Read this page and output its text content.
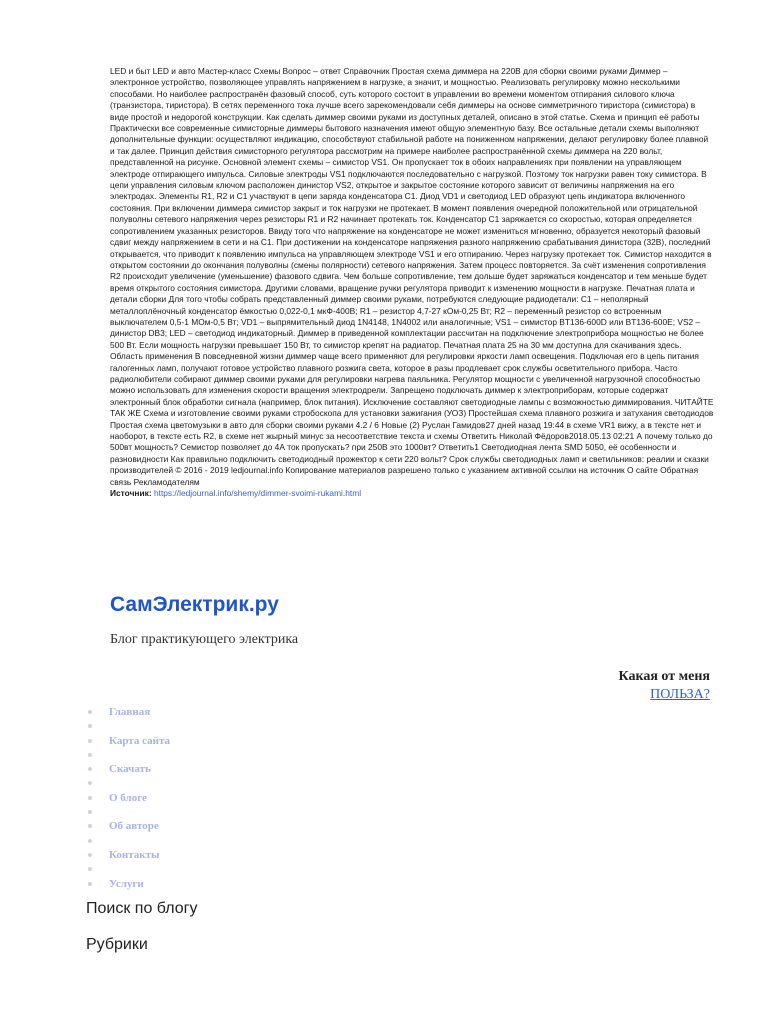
LED и быт LED и авто Мастер-класс Схемы Вопрос – ответ Справочник Простая схема диммера на 220В для сборки своими руками Диммер – электронное устройство, позволяющее управлять напряжением в нагрузке, а значит, и мощностью. Реализовать регулировку можно несколькими способами. Но наиболее распространён фазовый способ, суть которого состоит в управлении во времени моментом отпирания силового ключа (транзистора, тиристора). В сетях переменного тока лучше всего зарекомендовали себя диммеры на основе симметричного тиристора (симистора) в виде простой и недорогой конструкции. Как сделать диммер своими руками из доступных деталей, описано в этой статье. Схема и принцип её работы Практически все современные симисторные диммеры бытового назначения имеют общую элементную базу. Все остальные детали схемы выполняют дополнительные функции: осуществляют индикацию, способствуют стабильной работе на пониженном напряжении, делают регулировку более плавной и так далее. Принцип действия симисторного регулятора рассмотрим на примере наиболее распространённой схемы диммера на 220 вольт, представленной на рисунке. Основной элемент схемы – симистор VS1. Он пропускает ток в обоих направлениях при появлении на управляющем электроде отпирающего импульса. Силовые электроды VS1 подключаются последовательно с нагрузкой. Поэтому ток нагрузки равен току симистора. В цепи управления силовым ключом расположен динистор VS2, открытое и закрытое состояние которого зависит от величины напряжения на его электродах. Элементы R1, R2 и C1 участвуют в цепи заряда конденсатора C1. Диод VD1 и светодиод LED образуют цепь индикатора включенного состояния. При включении диммера симистор закрыт и ток нагрузки не протекает. В момент появления очередной положительной или отрицательной полуволны сетевого напряжения через резисторы R1 и R2 начинает протекать ток. Конденсатор C1 заряжается со скоростью, которая определяется сопротивлением указанных резисторов. Ввиду того что напряжение на конденсаторе не может измениться мгновенно, образуется некоторый фазовый сдвиг между напряжением в сети и на C1. При достижении на конденсаторе напряжения разного напряжению срабатывания динистора (32В), последний открывается, что приводит к появлению импульса на управляющем электроде VS1 и его отпиранию. Через нагрузку протекает ток. Симистор находится в открытом состоянии до окончания полуволны (смены полярности) сетевого напряжения. Затем процесс повторяется. За счёт изменения сопротивления R2 происходит увеличение (уменьшение) фазового сдвига. Чем больше сопротивление, тем дольше будет заряжаться конденсатор и тем меньше будет время открытого состояния симистора. Другими словами, вращение ручки регулятора приводит к изменению мощности в нагрузке. Печатная плата и детали сборки Для того чтобы собрать представленный диммер своими руками, потребуются следующие радиодетали: C1 – неполярный металлоплёночный конденсатор ёмкостью 0,022-0,1 мкФ-400В; R1 – резистор 4,7-27 кОм-0,25 Вт; R2 – переменный резистор со встроенным выключателем 0,5-1 МОм-0,5 Вт; VD1 – выпрямительный диод 1N4148, 1N4002 или аналогичные; VS1 – симистор BT136-600D или BT136-600E; VS2 – динистор DB3; LED – светодиод индикаторный. Диммер в приведенной комплектации рассчитан на подключение электроприбора мощностью не более 500 Вт. Если мощность нагрузки превышает 150 Вт, то симистор крепят на радиатор. Печатная плата 25 на 30 мм доступна для скачивания здесь. Область применения В повседневной жизни диммер чаще всего применяют для регулировки яркости ламп освещения. Подключая его в цепь питания галогенных ламп, получают готовое устройство плавного розжига света, которое в разы продлевает срок службы осветительного прибора. Часто радиолюбители собирают диммер своими руками для регулировки нагрева паяльника. Регулятор мощности с увеличенной нагрузочной способностью можно использовать для изменения скорости вращения электродрели. Запрещено подключать диммер к электроприборам, которые содержат электронный блок обработки сигнала (например, блок питания). Исключение составляют светодиодные лампы с возможностью диммирования. ЧИТАЙТЕ ТАК ЖЕ Схема и изготовление своими руками стробоскопа для установки зажигания (УОЗ) Простейшая схема плавного розжига и затухания светодиодов Простая схема цветомузыки в авто для сборки своими руками 4.2 / 6 Новые (2) Руслан Гамидов27 дней назад 19:44 в схеме VR1 вижу, а в тексте нет и наоборот, в тексте есть R2, в схеме нет жырный минус за несоответствие текста и схемы Ответить Николай Фёдоров2018.05.13 02:21 А почему только до 500вт мощность? Семистор позволяет до 4А ток пропускать? при 250В это 1000вт? Ответить1 Светодиодная лента SMD 5050, её особенности и разновидности Как правильно подключить светодиодный прожектор к сети 220 вольт? Срок службы светодиодных ламп и светильников: реалии и сказки производителей © 2016 - 2019 ledjournal.info Копирование материалов разрешено только с указанием активной ссылки на источник О сайте Обратная связь Рекламодателям

Источник: https://ledjournal.info/shemy/dimmer-svoimi-rukami.html

СамЭлектрик.ру

Блог практикующего электрика

Какая от меня
ПОЛЬЗА?
Главная
Карта сайта
Скачать
О блоге
Об авторе
Контакты
Услуги
Поиск по блогу
Рубрики
